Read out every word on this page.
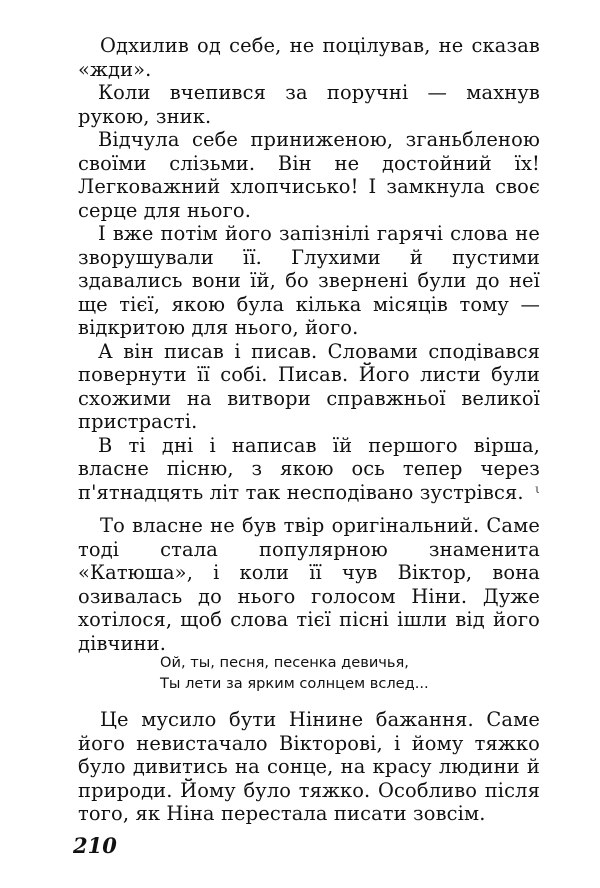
Одхилив од себе, не поцілував, не сказав «жди».

Коли вчепився за поручні — махнув рукою, зник.

Відчула себе приниженою, зганьбленою своїми слізьми. Він не достойний їх! Легковажний хлопчисько! І замкнула своє серце для нього.

І вже потім його запізнілі гарячі слова не зворушували її. Глухими й пустими здавались вони їй, бо звернені були до неї ще тієї, якою була кілька місяців тому — відкритою для нього, його.

А він писав і писав. Словами сподівався повернути її собі. Писав. Його листи були схожими на витвори справжньої великої пристрасті.

В ті дні і написав їй першого вірша, власне пісню, з якою ось тепер через п'ятнадцять літ так несподівано зустрівся.

То власне не був твір оригінальний. Саме тоді стала популярною знаменита «Катюша», і коли її чув Віктор, вона озивалась до нього голосом Ніни. Дуже хотілося, щоб слова тієї пісні ішли від його дівчини.

Ой, ты, песня, песенка девичья,
Ты лети за ярким солнцем вслед...

Це мусило бути Нінине бажання. Саме його невистачало Вікторові, і йому тяжко було дивитись на сонце, на красу людини й природи. Йому було тяжко. Особливо після того, як Ніна перестала писати зовсім.

ι
210
